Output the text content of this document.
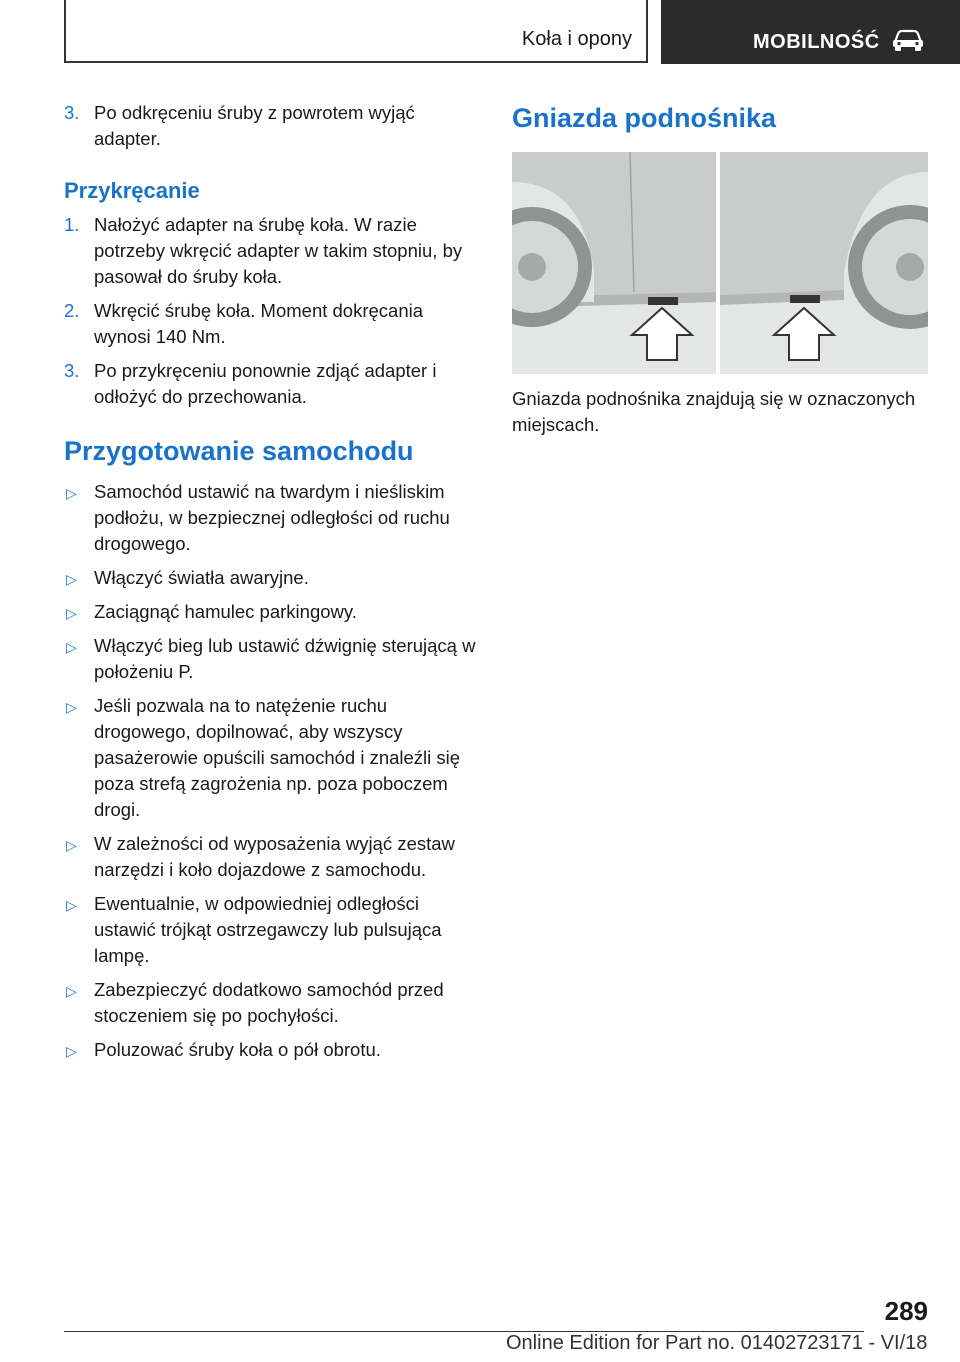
Koła i opony	MOBILNOŚĆ
3. Po odkręceniu śruby z powrotem wyjąć adapter.
Przykręcanie
1. Nałożyć adapter na śrubę koła. W razie potrzeby wkręcić adapter w takim stopniu, by pasował do śruby koła.
2. Wkręcić śrubę koła. Moment dokręcania wynosi 140 Nm.
3. Po przykręceniu ponownie zdjąć adapter i odłożyć do przechowania.
Przygotowanie samochodu
▷ Samochód ustawić na twardym i nieśliskim podłożu, w bezpiecznej odległości od ruchu drogowego.
▷ Włączyć światła awaryjne.
▷ Zaciągnąć hamulec parkingowy.
▷ Włączyć bieg lub ustawić dźwignię sterującą w położeniu P.
▷ Jeśli pozwala na to natężenie ruchu drogowego, dopilnować, aby wszyscy pasażerowie opuścili samochód i znaleźli się poza strefą zagrożenia np. poza poboczem drogi.
▷ W zależności od wyposażenia wyjąć zestaw narzędzi i koło dojazdowe z samochodu.
▷ Ewentualnie, w odpowiedniej odległości ustawić trójkąt ostrzegawczy lub pulsująca lampę.
▷ Zabezpieczyć dodatkowo samochód przed stoczeniem się po pochyłości.
▷ Poluzować śruby koła o pół obrotu.
Gniazda podnośnika
Gniazda podnośnika znajdują się w oznaczonych miejscach.
289
Online Edition for Part no. 01402723171 - VI/18
